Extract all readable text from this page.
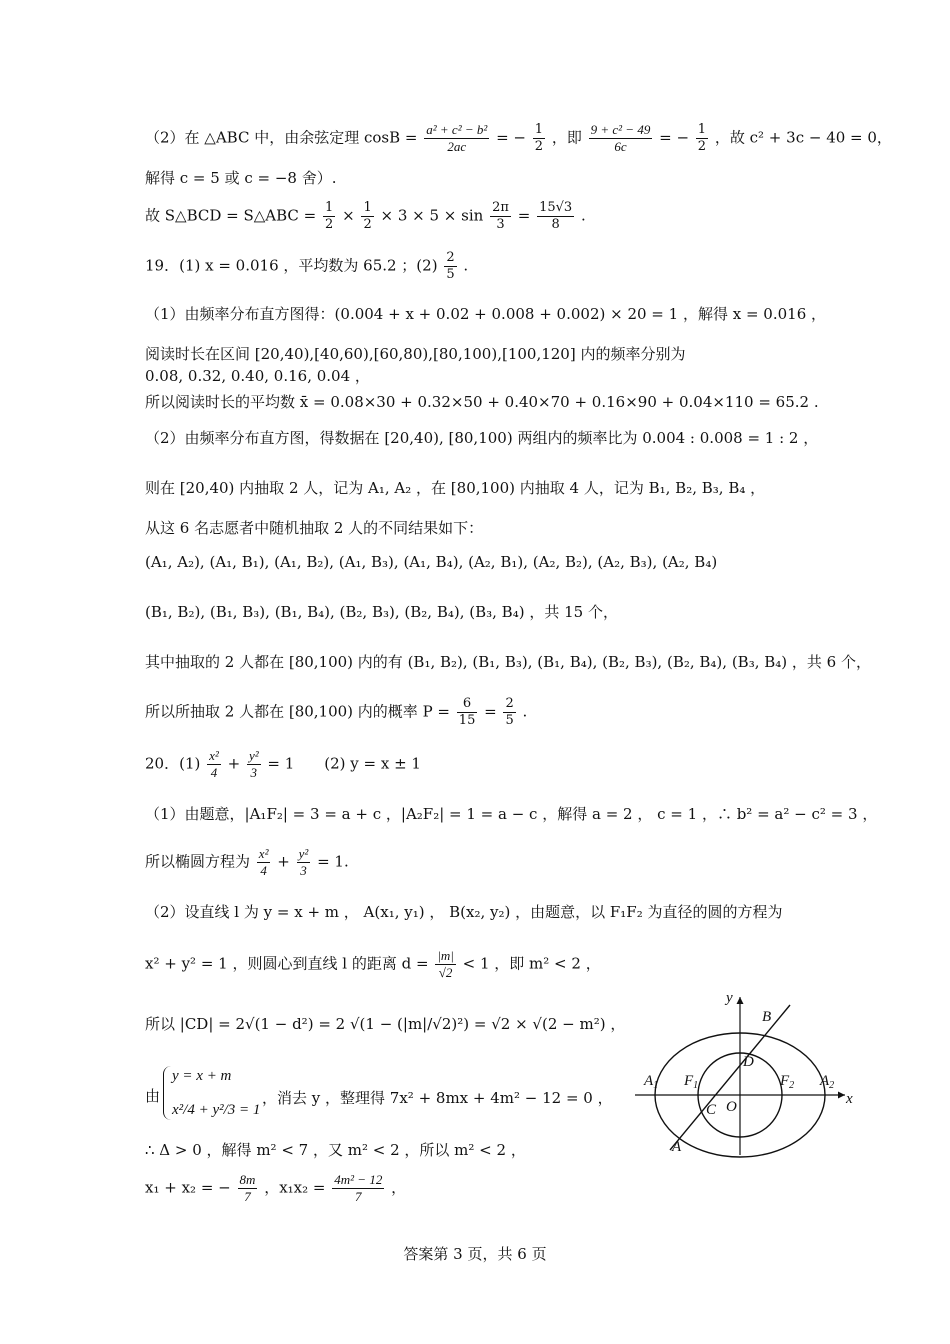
（2）在 △ABC 中，由余弦定理 $\cos B = \frac{\text{a² + c² − b²}}{2ac}$ = − $\frac{1}{2}$ ，即 $\frac{\text{9 + c² − 49}}{6c}$ = − $\frac{1}{2}$ ，故 c² + 3c − 40 = 0，
解得 c = 5 或 c = −8 舍）.
故 S△BCD = S△ABC = $\frac{1}{2} \times \frac{1}{2} \times 3 \times 5 \times \sin \frac{2\pi}{3} = \frac{15√3}{8}$ .
19．(1) x = 0.016 ，平均数为 65.2 ；$(2) \frac{2}{5}$ .
（1）由频率分布直方图得：(0.004 + x + 0.02 + 0.008 + 0.002) × 20 = 1 ，解得 x = 0.016 ，
阅读时长在区间 [20,40),[40,60),[60,80),[80,100),[100,120] 内的频率分别为
0.08, 0.32, 0.40, 0.16, 0.04 ，
所以阅读时长的平均数 x̄ = 0.08×30 + 0.32×50 + 0.40×70 + 0.16×90 + 0.04×110 = 65.2 .
（2）由频率分布直方图，得数据在 [20,40), [80,100) 两组内的频率比为 0.004 : 0.008 = 1 : 2 ，
则在 [20,40) 内抽取 2 人，记为 A₁, A₂ ，在 [80,100) 内抽取 4 人，记为 B₁, B₂, B₃, B₄ ，
从这 6 名志愿者中随机抽取 2 人的不同结果如下：
(A₁, A₂), (A₁, B₁), (A₁, B₂), (A₁, B₃), (A₁, B₄), (A₂, B₁), (A₂, B₂), (A₂, B₃), (A₂, B₄)
(B₁, B₂), (B₁, B₃), (B₁, B₄), (B₂, B₃), (B₂, B₄), (B₃, B₄) ，共 15 个，
其中抽取的 2 人都在 [80,100) 内的有 (B₁, B₂), (B₁, B₃), (B₁, B₄), (B₂, B₃), (B₂, B₄), (B₃, B₄) ，共 6 个，
所以所抽取 2 人都在 [80,100) 内的概率 $P = \frac{6}{15} = \frac{2}{5}$ .
20．$(1) \frac{\text{x²}}{4} + \frac{\text{y²}}{3} = 1$　　(2) y = x ± 1
（1）由题意，|A₁F₂| = 3 = a + c ，|A₂F₂| = 1 = a − c ，解得 a = 2 ， c = 1 ，∴ b² = a² − c² = 3 ，
所以椭圆方程为 $\frac{\text{x²}}{4} + \frac{\text{y²}}{3} = 1$.
（2）设直线 l 为 y = x + m ， A(x₁, y₁) ， B(x₂, y₂) ，由题意，以 F₁F₂ 为直径的圆的方程为
x² + y² = 1 ，则圆心到直线 l 的距离 $d = \frac{|m|}{√2} < 1$ ，即 m² < 2 ，
所以 |CD| = 2√(1 − d²) = 2 √(1 − (|m|/√2)²) = √2 × √(2 − m²) ，
由
y = x + m
x²/4 + y²/3 = 1
，消去 y ，整理得 7x² + 8mx + 4m² − 12 = 0 ，
∴ Δ > 0 ，解得 m² < 7 ，又 m² < 2 ，所以 m² < 2 ，
x₁ + x₂ = − $\frac{8m}{7}$ ，$x_1x_2 = \frac{\text{4m² − 12}}{7}$ ，
y
x
B
D
$A_1$ $F_1$	$F_2$ $A_2$
O
C
A
答案第 3 页，共 6 页
